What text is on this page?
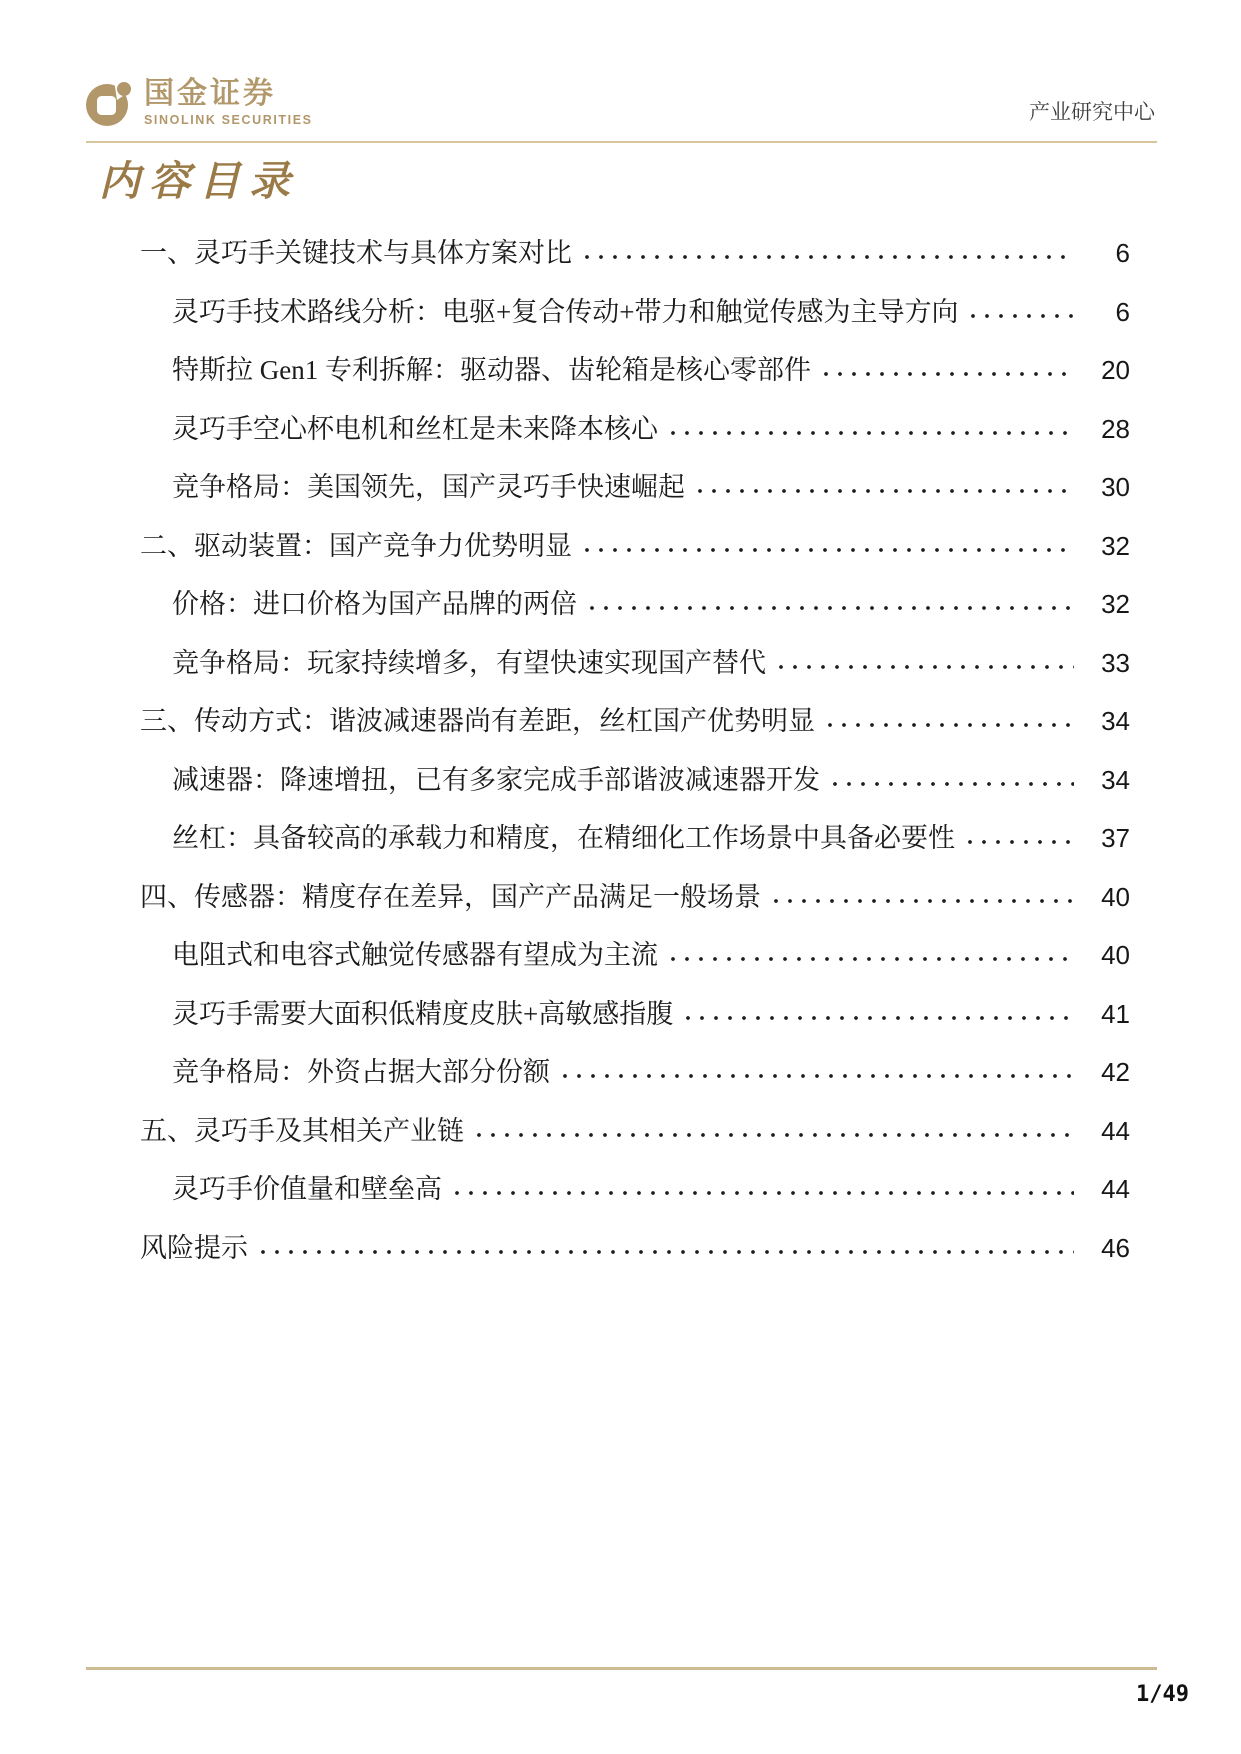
国金证券
SINOLINK SECURITIES	产业研究中心
内容目录
一、灵巧手关键技术与具体方案对比	6
灵巧手技术路线分析：电驱+复合传动+带力和触觉传感为主导方向	6
特斯拉 Gen1 专利拆解：驱动器、齿轮箱是核心零部件	20
灵巧手空心杯电机和丝杠是未来降本核心	28
竞争格局：美国领先，国产灵巧手快速崛起	30
二、驱动装置：国产竞争力优势明显	32
价格：进口价格为国产品牌的两倍	32
竞争格局：玩家持续增多，有望快速实现国产替代	33
三、传动方式：谐波减速器尚有差距，丝杠国产优势明显	34
减速器：降速增扭，已有多家完成手部谐波减速器开发	34
丝杠：具备较高的承载力和精度，在精细化工作场景中具备必要性	37
四、传感器：精度存在差异，国产产品满足一般场景	40
电阻式和电容式触觉传感器有望成为主流	40
灵巧手需要大面积低精度皮肤+高敏感指腹	41
竞争格局：外资占据大部分份额	42
五、灵巧手及其相关产业链	44
灵巧手价值量和壁垒高	44
风险提示	46
1/49
